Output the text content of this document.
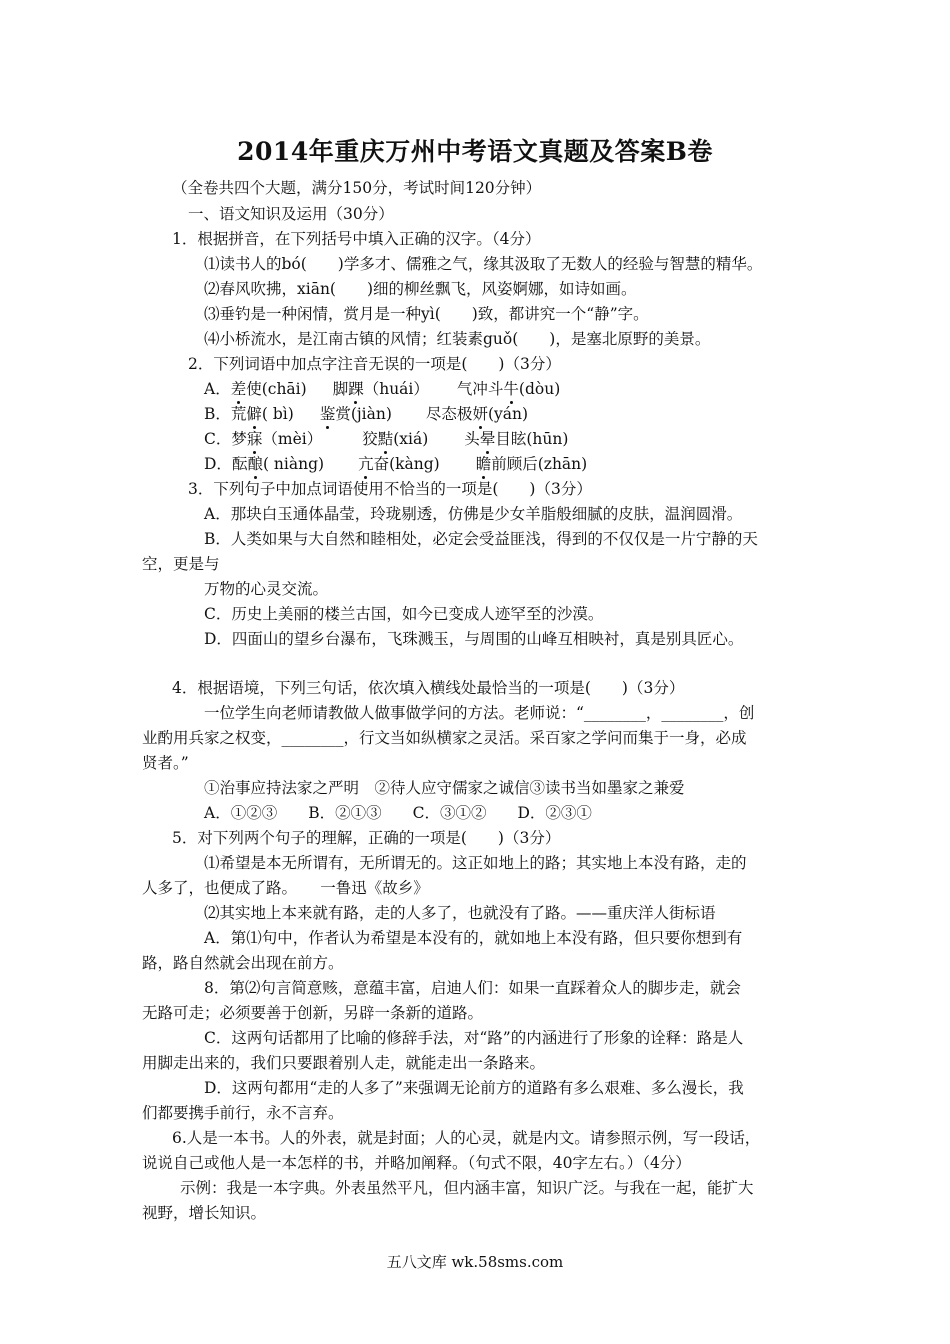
2014年重庆万州中考语文真题及答案B卷
（全卷共四个大题，满分150分，考试时间120分钟）
一、语文知识及运用（30分）
1．根据拼音，在下列括号中填入正确的汉字。（4分）
⑴读书人的bó(　　)学多才、儒雅之气，缘其汲取了无数人的经验与智慧的精华。
⑵春风吹拂，xiān(　　)细的柳丝飘飞，风姿婀娜，如诗如画。
⑶垂钓是一种闲情，赏月是一种yì(　　)致，都讲究一个“静”字。
⑷小桥流水，是江南古镇的风情；红装素guǒ(　　)，是塞北原野的美景。
2．下列词语中加点字注音无误的一项是(　　)（3分）
A．差使(chāi) 脚踝（huái） 气冲斗牛(dòu)
B．荒僻( bì) 鉴赏(jiàn) 尽态极妍(yán)
C．梦寐（mèi）	狡黠(xiá) 头晕目眩(hūn)
D．酝酿( niàng) 亢奋(kàng) 瞻前顾后(zhān)
3．下列句子中加点词语使用不恰当的一项是(　　)（3分）
A．那块白玉通体晶莹，玲珑剔透，仿佛是少女羊脂般细腻的皮肤，温润圆滑。
B．人类如果与大自然和睦相处，必定会受益匪浅，得到的不仅仅是一片宁静的天
空，更是与
万物的心灵交流。
C．历史上美丽的楼兰古国，如今已变成人迹罕至的沙漠。
D．四面山的望乡台瀑布，飞珠溅玉，与周围的山峰互相映衬，真是别具匠心。
4．根据语境，下列三句话，依次填入横线处最恰当的一项是(　　)（3分）
一位学生向老师请教做人做事做学问的方法。老师说：“________，________，创
业酌用兵家之权变，________，行文当如纵横家之灵活。采百家之学问而集于一身，必成
贤者。”
①治事应持法家之严明　②待人应守儒家之诚信③读书当如墨家之兼爱
A．①②③　　B．②①③　　C．③①②　　D．②③①
5．对下列两个句子的理解，正确的一项是(　　)（3分）
⑴希望是本无所谓有，无所谓无的。这正如地上的路；其实地上本没有路，走的
人多了，也便成了路。　　一鲁迅《故乡》
⑵其实地上本来就有路，走的人多了，也就没有了路。——重庆洋人街标语
A．第⑴句中，作者认为希望是本没有的，就如地上本没有路，但只要你想到有
路，路自然就会出现在前方。
8．第⑵句言简意赅，意蕴丰富，启迪人们：如果一直踩着众人的脚步走，就会
无路可走；必须要善于创新，另辟一条新的道路。
C．这两句话都用了比喻的修辞手法，对“路”的内涵进行了形象的诠释：路是人
用脚走出来的，我们只要跟着别人走，就能走出一条路来。
D．这两句都用“走的人多了”来强调无论前方的道路有多么艰难、多么漫长，我
们都要携手前行，永不言弃。
6.人是一本书。人的外表，就是封面；人的心灵，就是内文。请参照示例，写一段话，
说说自己或他人是一本怎样的书，并略加阐释。（句式不限，40字左右。）（4分）
示例：我是一本字典。外表虽然平凡，但内涵丰富，知识广泛。与我在一起，能扩大
视野，增长知识。
五八文库 wk.58sms.com
